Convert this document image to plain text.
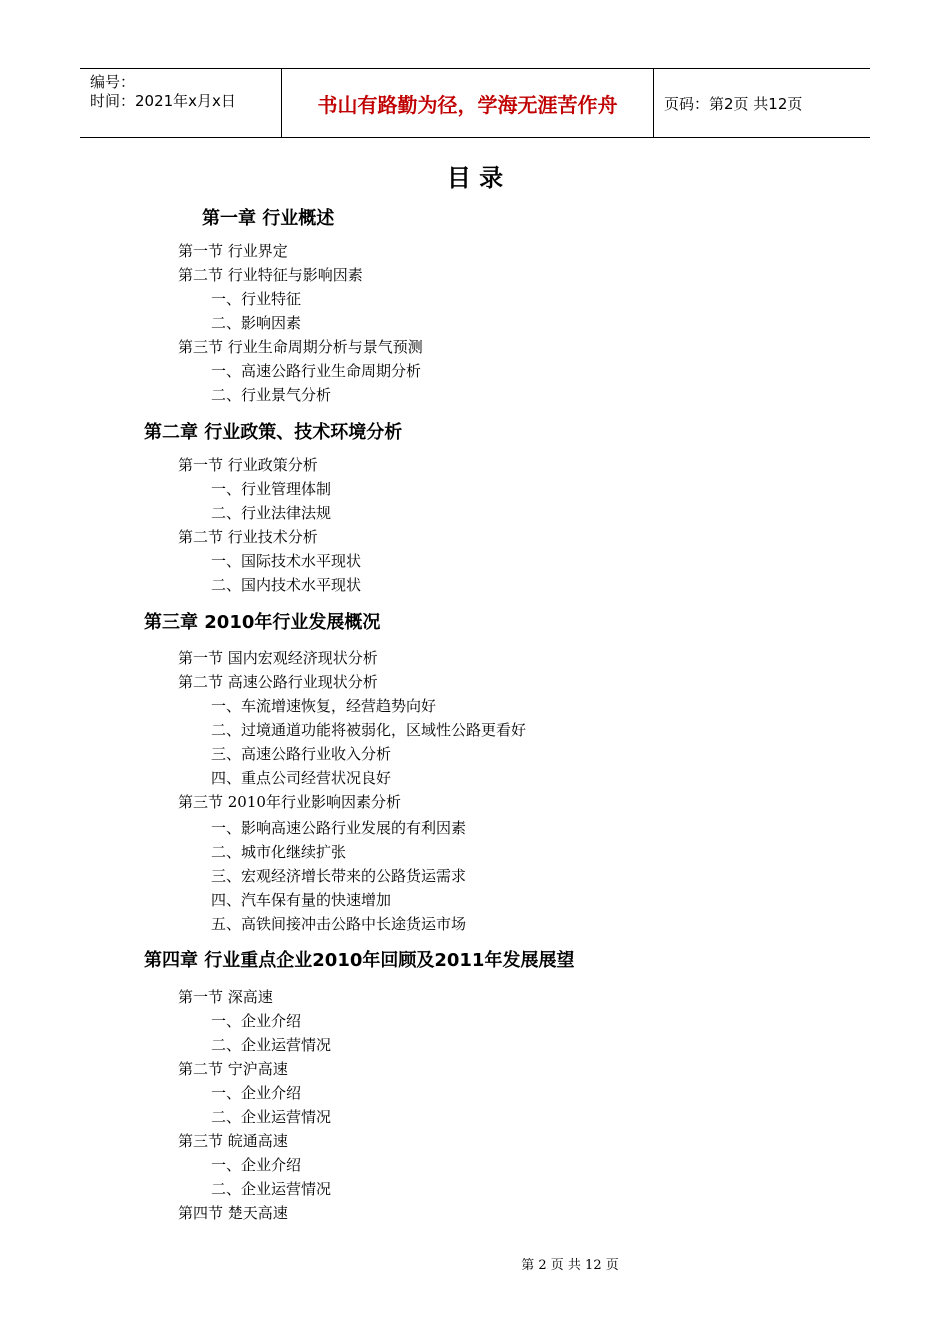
编号：
时间：2021年x月x日	书山有路勤为径，学海无涯苦作舟	页码：第2页 共12页
目 录
第一章 行业概述
第一节 行业界定
第二节 行业特征与影响因素
一、行业特征
二、影响因素
第三节 行业生命周期分析与景气预测
一、高速公路行业生命周期分析
二、行业景气分析
第二章 行业政策、技术环境分析
第一节 行业政策分析
一、行业管理体制
二、行业法律法规
第二节 行业技术分析
一、国际技术水平现状
二、国内技术水平现状
第三章 2010年行业发展概况
第一节 国内宏观经济现状分析
第二节 高速公路行业现状分析
一、车流增速恢复，经营趋势向好
二、过境通道功能将被弱化，区域性公路更看好
三、高速公路行业收入分析
四、重点公司经营状况良好
第三节 2010年行业影响因素分析
一、影响高速公路行业发展的有利因素
二、城市化继续扩张
三、宏观经济增长带来的公路货运需求
四、汽车保有量的快速增加
五、高铁间接冲击公路中长途货运市场
第四章 行业重点企业2010年回顾及2011年发展展望
第一节 深高速
一、企业介绍
二、企业运营情况
第二节 宁沪高速
一、企业介绍
二、企业运营情况
第三节 皖通高速
一、企业介绍
二、企业运营情况
第四节 楚天高速
第 2 页 共 12 页
